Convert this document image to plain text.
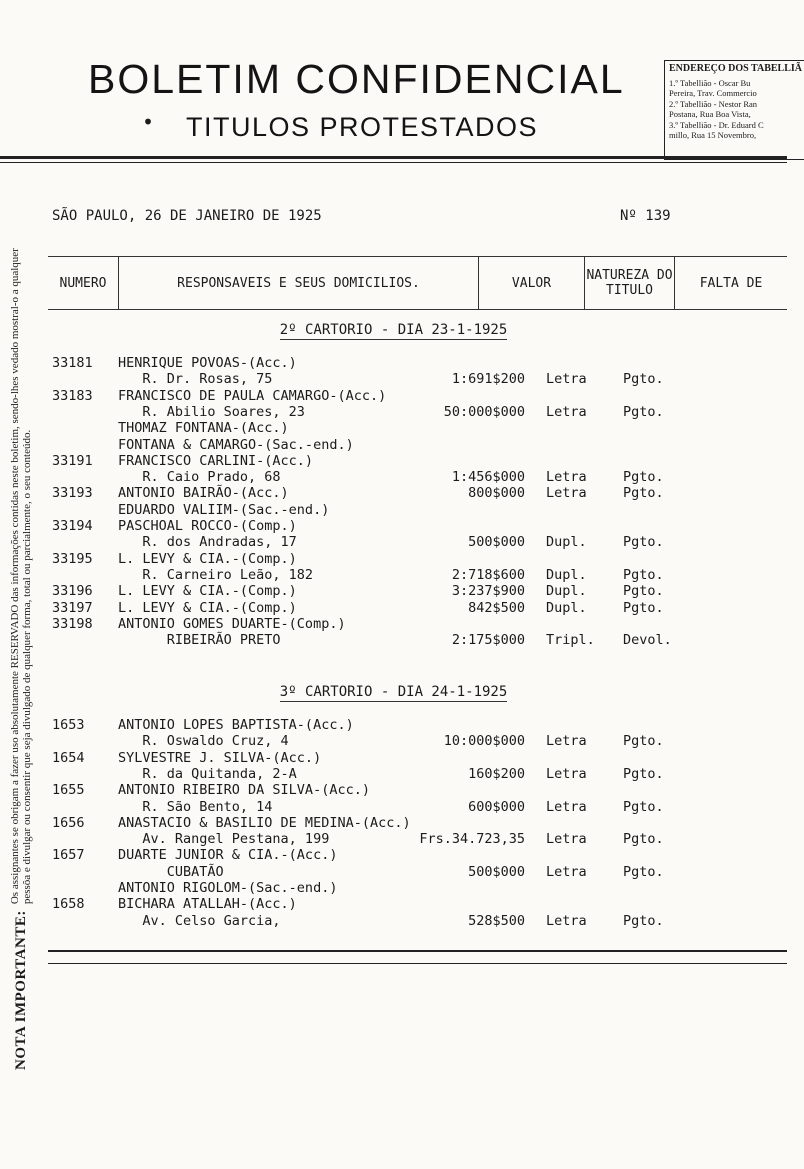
BOLETIM CONFIDENCIAL
• TITULOS PROTESTADOS
ENDEREÇO DOS TABELLIÃ
1.º Tabellião - Oscar Bu
Pereira, Trav. Commercio
2.º Tabellião - Nestor Ran
Postana, Rua Boa Vista,
3.º Tabellião - Dr. Eduard C
millo, Rua 15 Novembro,
SÃO PAULO, 26 DE JANEIRO DE 1925	Nº 139
NOTA IMPORTANTE:
Os assignantes se obrigam a fazer uso absolutamente RESERVADO das informações contidas neste boletim, sendo-lhes vedado mostral-o a qualquer pessôa e divulgar ou consentir que seja divulgado de qualquer forma, total ou parcialmente, o seu conteúdo.
NUMERO	RESPONSAVEIS E SEUS DOMICILIOS.	VALOR	NATUREZA DO TITULO	FALTA DE
2º CARTORIO - DIA 23-1-1925
33181 HENRIQUE POVOAS-(Acc.)
R. Dr. Rosas, 75	1:691$200 Letra	Pgto.
33183 FRANCISCO DE PAULA CAMARGO-(Acc.)
R. Abilio Soares, 23	50:000$000 Letra	Pgto.
THOMAZ FONTANA-(Acc.)
FONTANA & CAMARGO-(Sac.-end.)
33191 FRANCISCO CARLINI-(Acc.)
R. Caio Prado, 68	1:456$000 Letra	Pgto.
33193 ANTONIO BAIRÃO-(Acc.)	800$000 Letra	Pgto.
EDUARDO VALIIM-(Sac.-end.)
33194 PASCHOAL ROCCO-(Comp.)
R. dos Andradas, 17	500$000 Dupl.	Pgto.
33195 L. LEVY & CIA.-(Comp.)
R. Carneiro Leão, 182	2:718$600 Dupl.	Pgto.
33196 L. LEVY & CIA.-(Comp.)	3:237$900 Dupl.	Pgto.
33197 L. LEVY & CIA.-(Comp.)	842$500 Dupl.	Pgto.
33198 ANTONIO GOMES DUARTE-(Comp.)
RIBEIRÃO PRETO	2:175$000 Tripl. Devol.
3º CARTORIO - DIA 24-1-1925
1653 ANTONIO LOPES BAPTISTA-(Acc.)
R. Oswaldo Cruz, 4	10:000$000 Letra	Pgto.
1654 SYLVESTRE J. SILVA-(Acc.)
R. da Quitanda, 2-A	160$200 Letra	Pgto.
1655 ANTONIO RIBEIRO DA SILVA-(Acc.)
R. São Bento, 14	600$000 Letra	Pgto.
1656 ANASTACIO & BASILIO DE MEDINA-(Acc.)
Av. Rangel Pestana, 199	Frs.34.723,35 Letra	Pgto.
1657 DUARTE JUNIOR & CIA.-(Acc.)
CUBATÃO	500$000 Letra	Pgto.
ANTONIO RIGOLOM-(Sac.-end.)
1658 BICHARA ATALLAH-(Acc.)
Av. Celso Garcia,	528$500 Letra	Pgto.
